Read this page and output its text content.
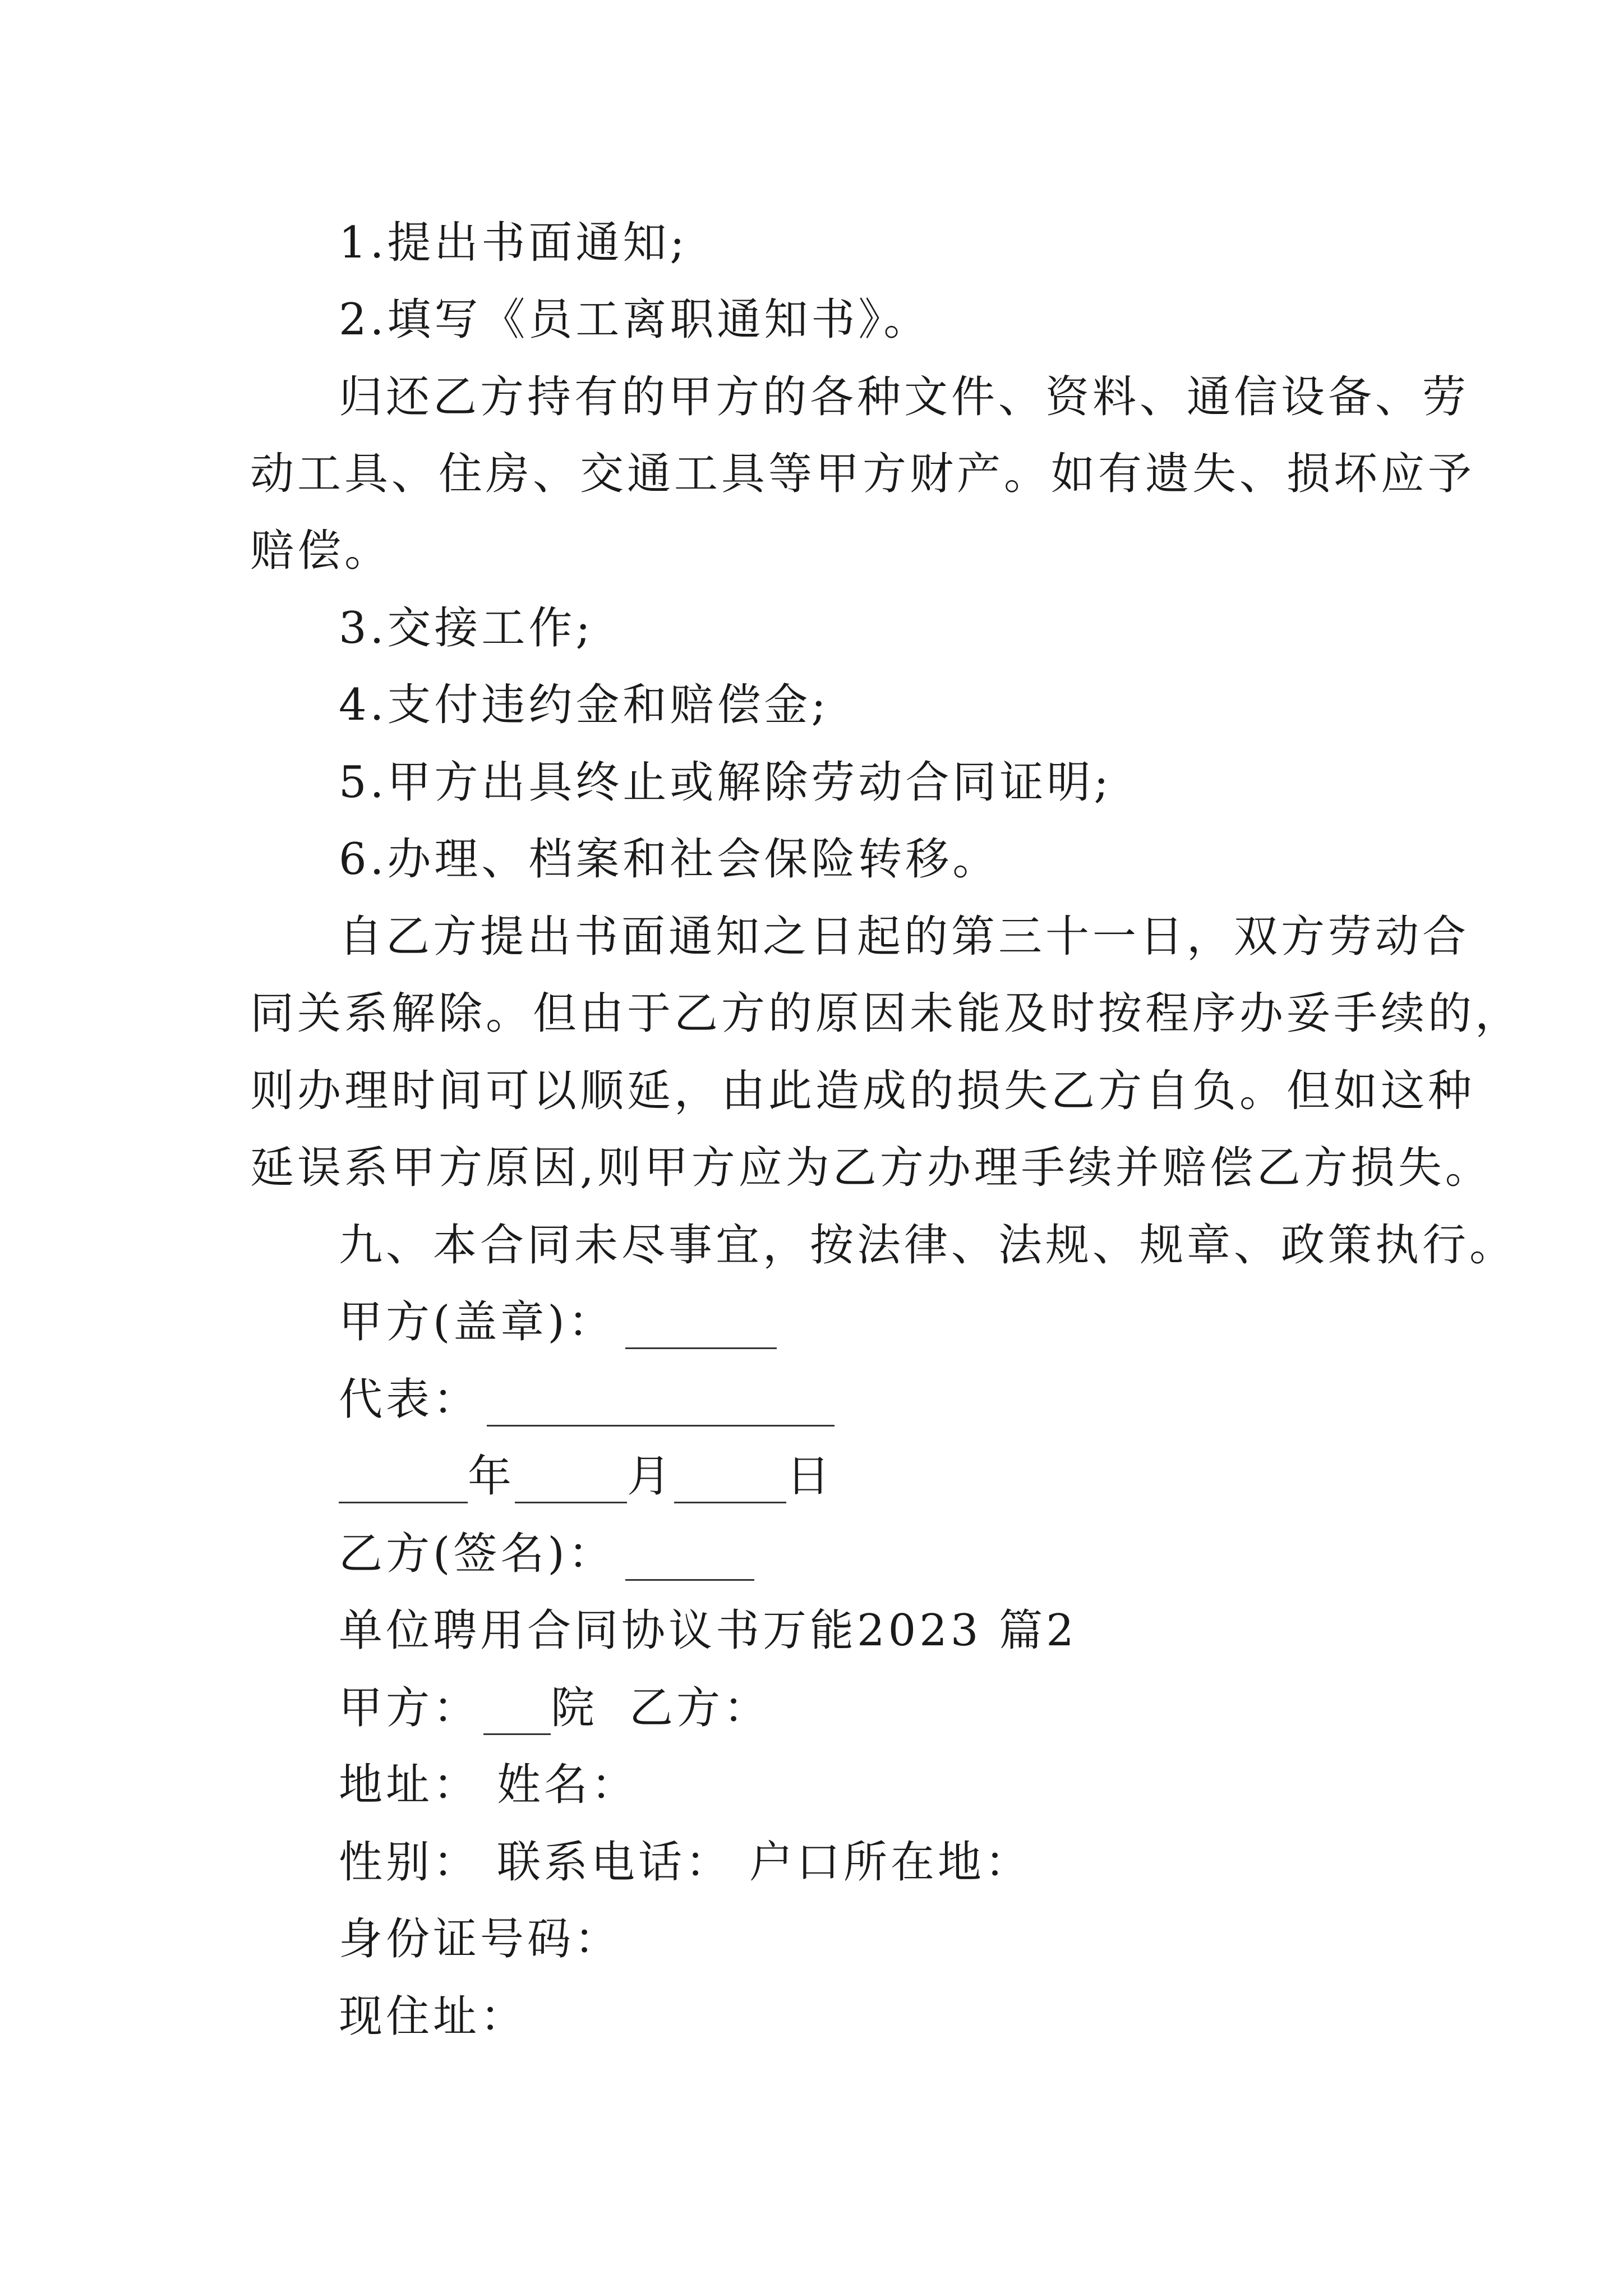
1.提出书面通知;
2.填写《员工离职通知书》。
归还乙方持有的甲方的各种文件、资料、通信设备、劳
动工具、住房、交通工具等甲方财产。如有遗失、损坏应予
赔偿。
3.交接工作;
4.支付违约金和赔偿金;
5.甲方出具终止或解除劳动合同证明;
6.办理、档案和社会保险转移。
自乙方提出书面通知之日起的第三十一日，双方劳动合
同关系解除。但由于乙方的原因未能及时按程序办妥手续的，
则办理时间可以顺延，由此造成的损失乙方自负。但如这种
延误系甲方原因,则甲方应为乙方办理手续并赔偿乙方损失。
九、本合同未尽事宜，按法律、法规、规章、政策执行。
甲方(盖章)：
代表：
年	月	日
乙方(签名)：
单位聘用合同协议书万能2023 篇2
甲方： 院 乙方：
地址： 姓名：
性别： 联系电话： 户口所在地：
身份证号码：
现住址：
